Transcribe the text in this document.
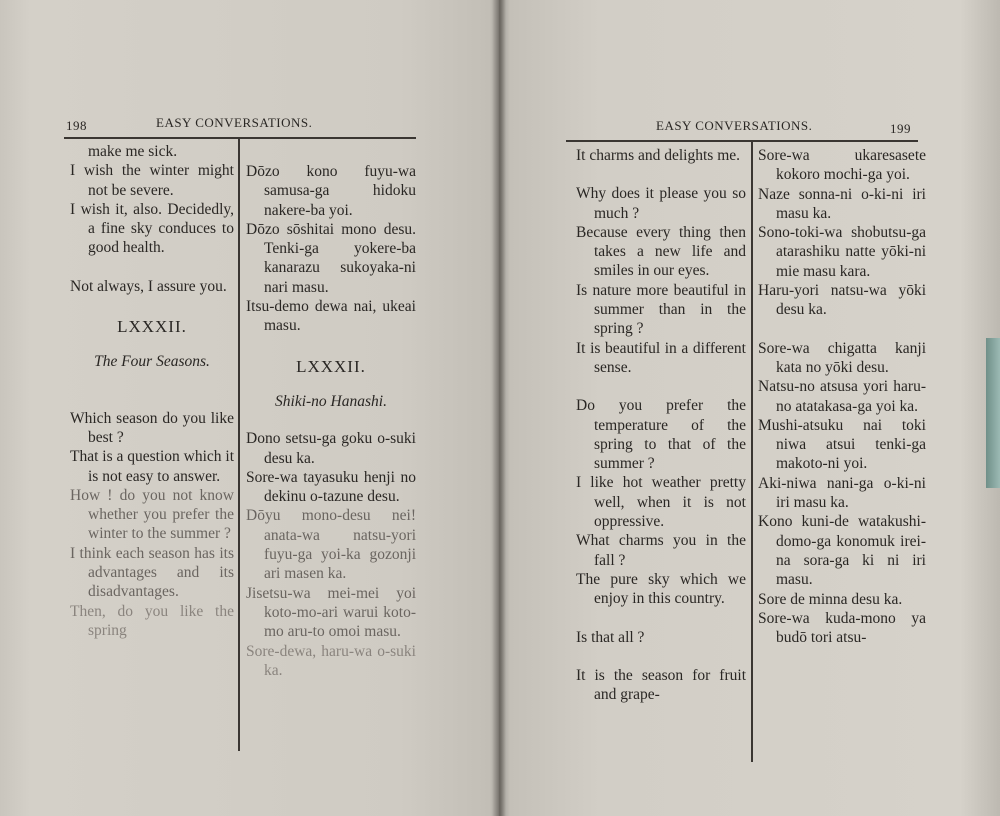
198	EASY CONVERSATIONS.

make me sick.

I wish the winter might not be severe.

I wish it, also. Decidedly, a fine sky conduces to good health.

Not always, I assure you.

LXXXII.

The Four Seasons.

Which season do you like best ?

That is a question which it is not easy to answer.

How ! do you not know whether you prefer the winter to the summer ?

I think each season has its advantages and its disadvantages.

Then, do you like the spring

Dōzo kono fuyu-wa samusa-ga hidoku nakere-ba yoi.

Dōzo sōshitai mono desu. Tenki-ga yokere-ba kanarazu sukoyaka-ni nari masu.

Itsu-demo dewa nai, ukeai masu.

LXXXII.

Shiki-no Hanashi.

Dono setsu-ga goku o-suki desu ka.

Sore-wa tayasuku henji no dekinu o-tazune desu.

Dōyu mono-desu nei! anata-wa natsu-yori fuyu-ga yoi-ka gozonji ari masen ka.

Jisetsu-wa mei-mei yoi koto-mo-ari warui koto-mo aru-to omoi masu.

Sore-dewa, haru-wa o-suki ka.

EASY CONVERSATIONS.	199

It charms and delights me.

Why does it please you so much ?

Because every thing then takes a new life and smiles in our eyes.

Is nature more beautiful in summer than in the spring ?

It is beautiful in a different sense.

Do you prefer the temperature of the spring to that of the summer ?

I like hot weather pretty well, when it is not oppressive.

What charms you in the fall ?

The pure sky which we enjoy in this country.

Is that all ?

It is the season for fruit and grape-

Sore-wa ukaresasete kokoro mochi-ga yoi.

Naze sonna-ni o-ki-ni iri masu ka.

Sono-toki-wa shobutsu-ga atarashiku natte yōki-ni mie masu kara.

Haru-yori natsu-wa yōki desu ka.

Sore-wa chigatta kanji kata no yōki desu.

Natsu-no atsusa yori haru-no atatakasa-ga yoi ka.

Mushi-atsuku nai toki niwa atsui tenki-ga makoto-ni yoi.

Aki-niwa nani-ga o-ki-ni iri masu ka.

Kono kuni-de watakushi-domo-ga konomuk irei-na sora-ga ki ni iri masu.

Sore de minna desu ka.

Sore-wa kuda-mono ya budō tori atsu-
